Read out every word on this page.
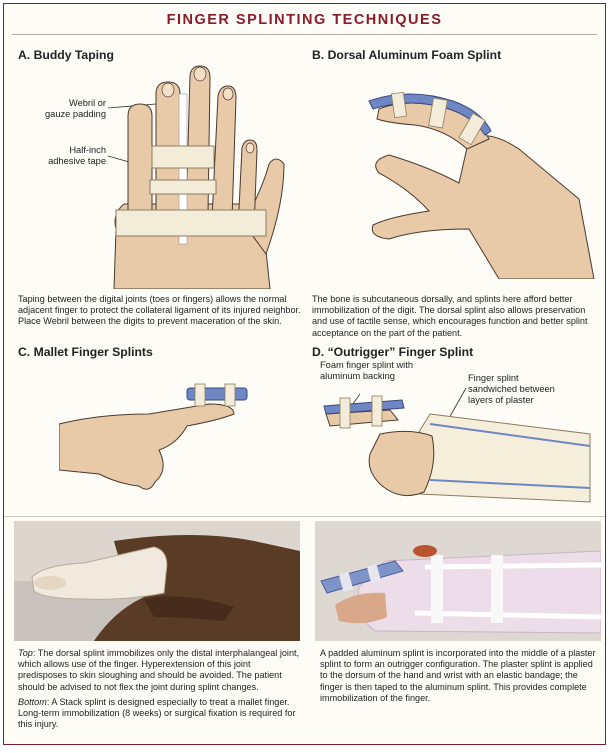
FINGER SPLINTING TECHNIQUES
A. Buddy Taping
Webril or
gauze padding
Half-inch
adhesive tape
Taping between the digital joints (toes or fingers) allows the normal adjacent finger to protect the collateral ligament of its injured neighbor. Place Webril between the digits to prevent maceration of the skin.
B. Dorsal Aluminum Foam Splint
The bone is subcutaneous dorsally, and splints here afford better immobilization of the digit. The dorsal splint also allows preservation and use of tactile sense, which encourages function and better splint acceptance on the part of the patient.
C. Mallet Finger Splints	D. “Outrigger” Finger Splint
Foam finger splint with
aluminum backing	Finger splint
sandwiched between
layers of plaster

Top: The dorsal splint immobilizes only the distal interphalangeal joint, which allows use of the finger. Hyperextension of this joint predisposes to skin sloughing and should be avoided. The patient should be advised to not flex the joint during splint changes.

Bottom: A Stack splint is designed especially to treat a mallet finger. Long-term immobilization (8 weeks) or surgical fixation is required for this injury.

A padded aluminum splint is incorporated into the middle of a plaster splint to form an outrigger configuration. The plaster splint is applied to the dorsum of the hand and wrist with an elastic bandage; the finger is then taped to the aluminum splint. This provides complete immobilization of the finger.
